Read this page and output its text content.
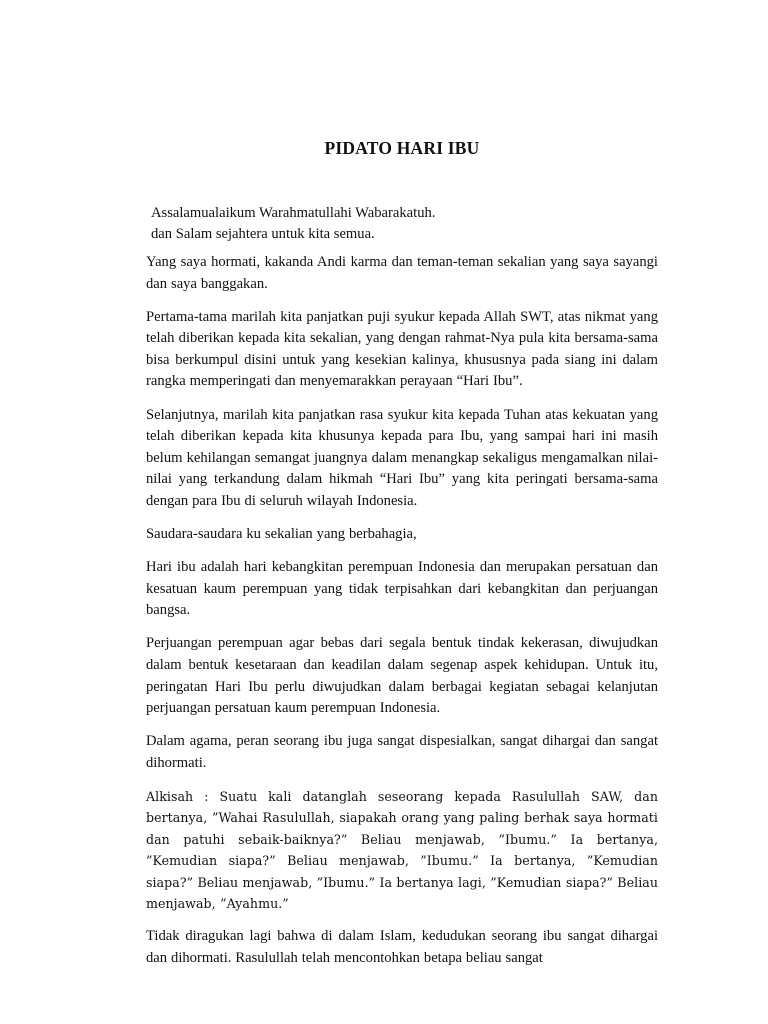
PIDATO HARI IBU
Assalamualaikum Warahmatullahi Wabarakatuh.
dan Salam sejahtera untuk kita semua.

Yang saya hormati, kakanda Andi karma dan teman-teman sekalian yang saya sayangi dan saya banggakan.

Pertama-tama marilah kita panjatkan puji syukur kepada Allah SWT, atas nikmat yang telah diberikan kepada kita sekalian, yang dengan rahmat-Nya pula kita bersama-sama bisa berkumpul disini untuk yang kesekian kalinya, khususnya pada siang ini dalam rangka memperingati dan menyemarakkan perayaan “Hari Ibu”.

Selanjutnya, marilah kita panjatkan rasa syukur kita kepada Tuhan atas kekuatan yang telah diberikan kepada kita khusunya kepada para Ibu, yang sampai hari ini masih belum kehilangan semangat juangnya dalam menangkap sekaligus mengamalkan nilai-nilai yang terkandung dalam hikmah “Hari Ibu” yang kita peringati bersama-sama dengan para Ibu di seluruh wilayah Indonesia.

Saudara-saudara ku sekalian yang berbahagia,

Hari ibu adalah hari kebangkitan perempuan Indonesia dan merupakan persatuan dan kesatuan kaum perempuan yang tidak terpisahkan dari kebangkitan dan perjuangan bangsa.

Perjuangan perempuan agar bebas dari segala bentuk tindak kekerasan, diwujudkan dalam bentuk kesetaraan dan keadilan dalam segenap aspek kehidupan. Untuk itu, peringatan Hari Ibu perlu diwujudkan dalam berbagai kegiatan sebagai kelanjutan perjuangan persatuan kaum perempuan Indonesia.

Dalam agama, peran seorang ibu juga sangat dispesialkan, sangat dihargai dan sangat dihormati.

Alkisah : Suatu kali datanglah seseorang kepada Rasulullah SAW, dan bertanya, ”Wahai Rasulullah, siapakah orang yang paling berhak saya hormati dan patuhi sebaik-baiknya?” Beliau menjawab, ”Ibumu.” Ia bertanya, ”Kemudian siapa?” Beliau menjawab, ”Ibumu.” Ia bertanya, ”Kemudian siapa?” Beliau menjawab, ”Ibumu.” Ia bertanya lagi, ”Kemudian siapa?” Beliau menjawab, ”Ayahmu.”

Tidak diragukan lagi bahwa di dalam Islam, kedudukan seorang ibu sangat dihargai dan dihormati. Rasulullah telah mencontohkan betapa beliau sangat
